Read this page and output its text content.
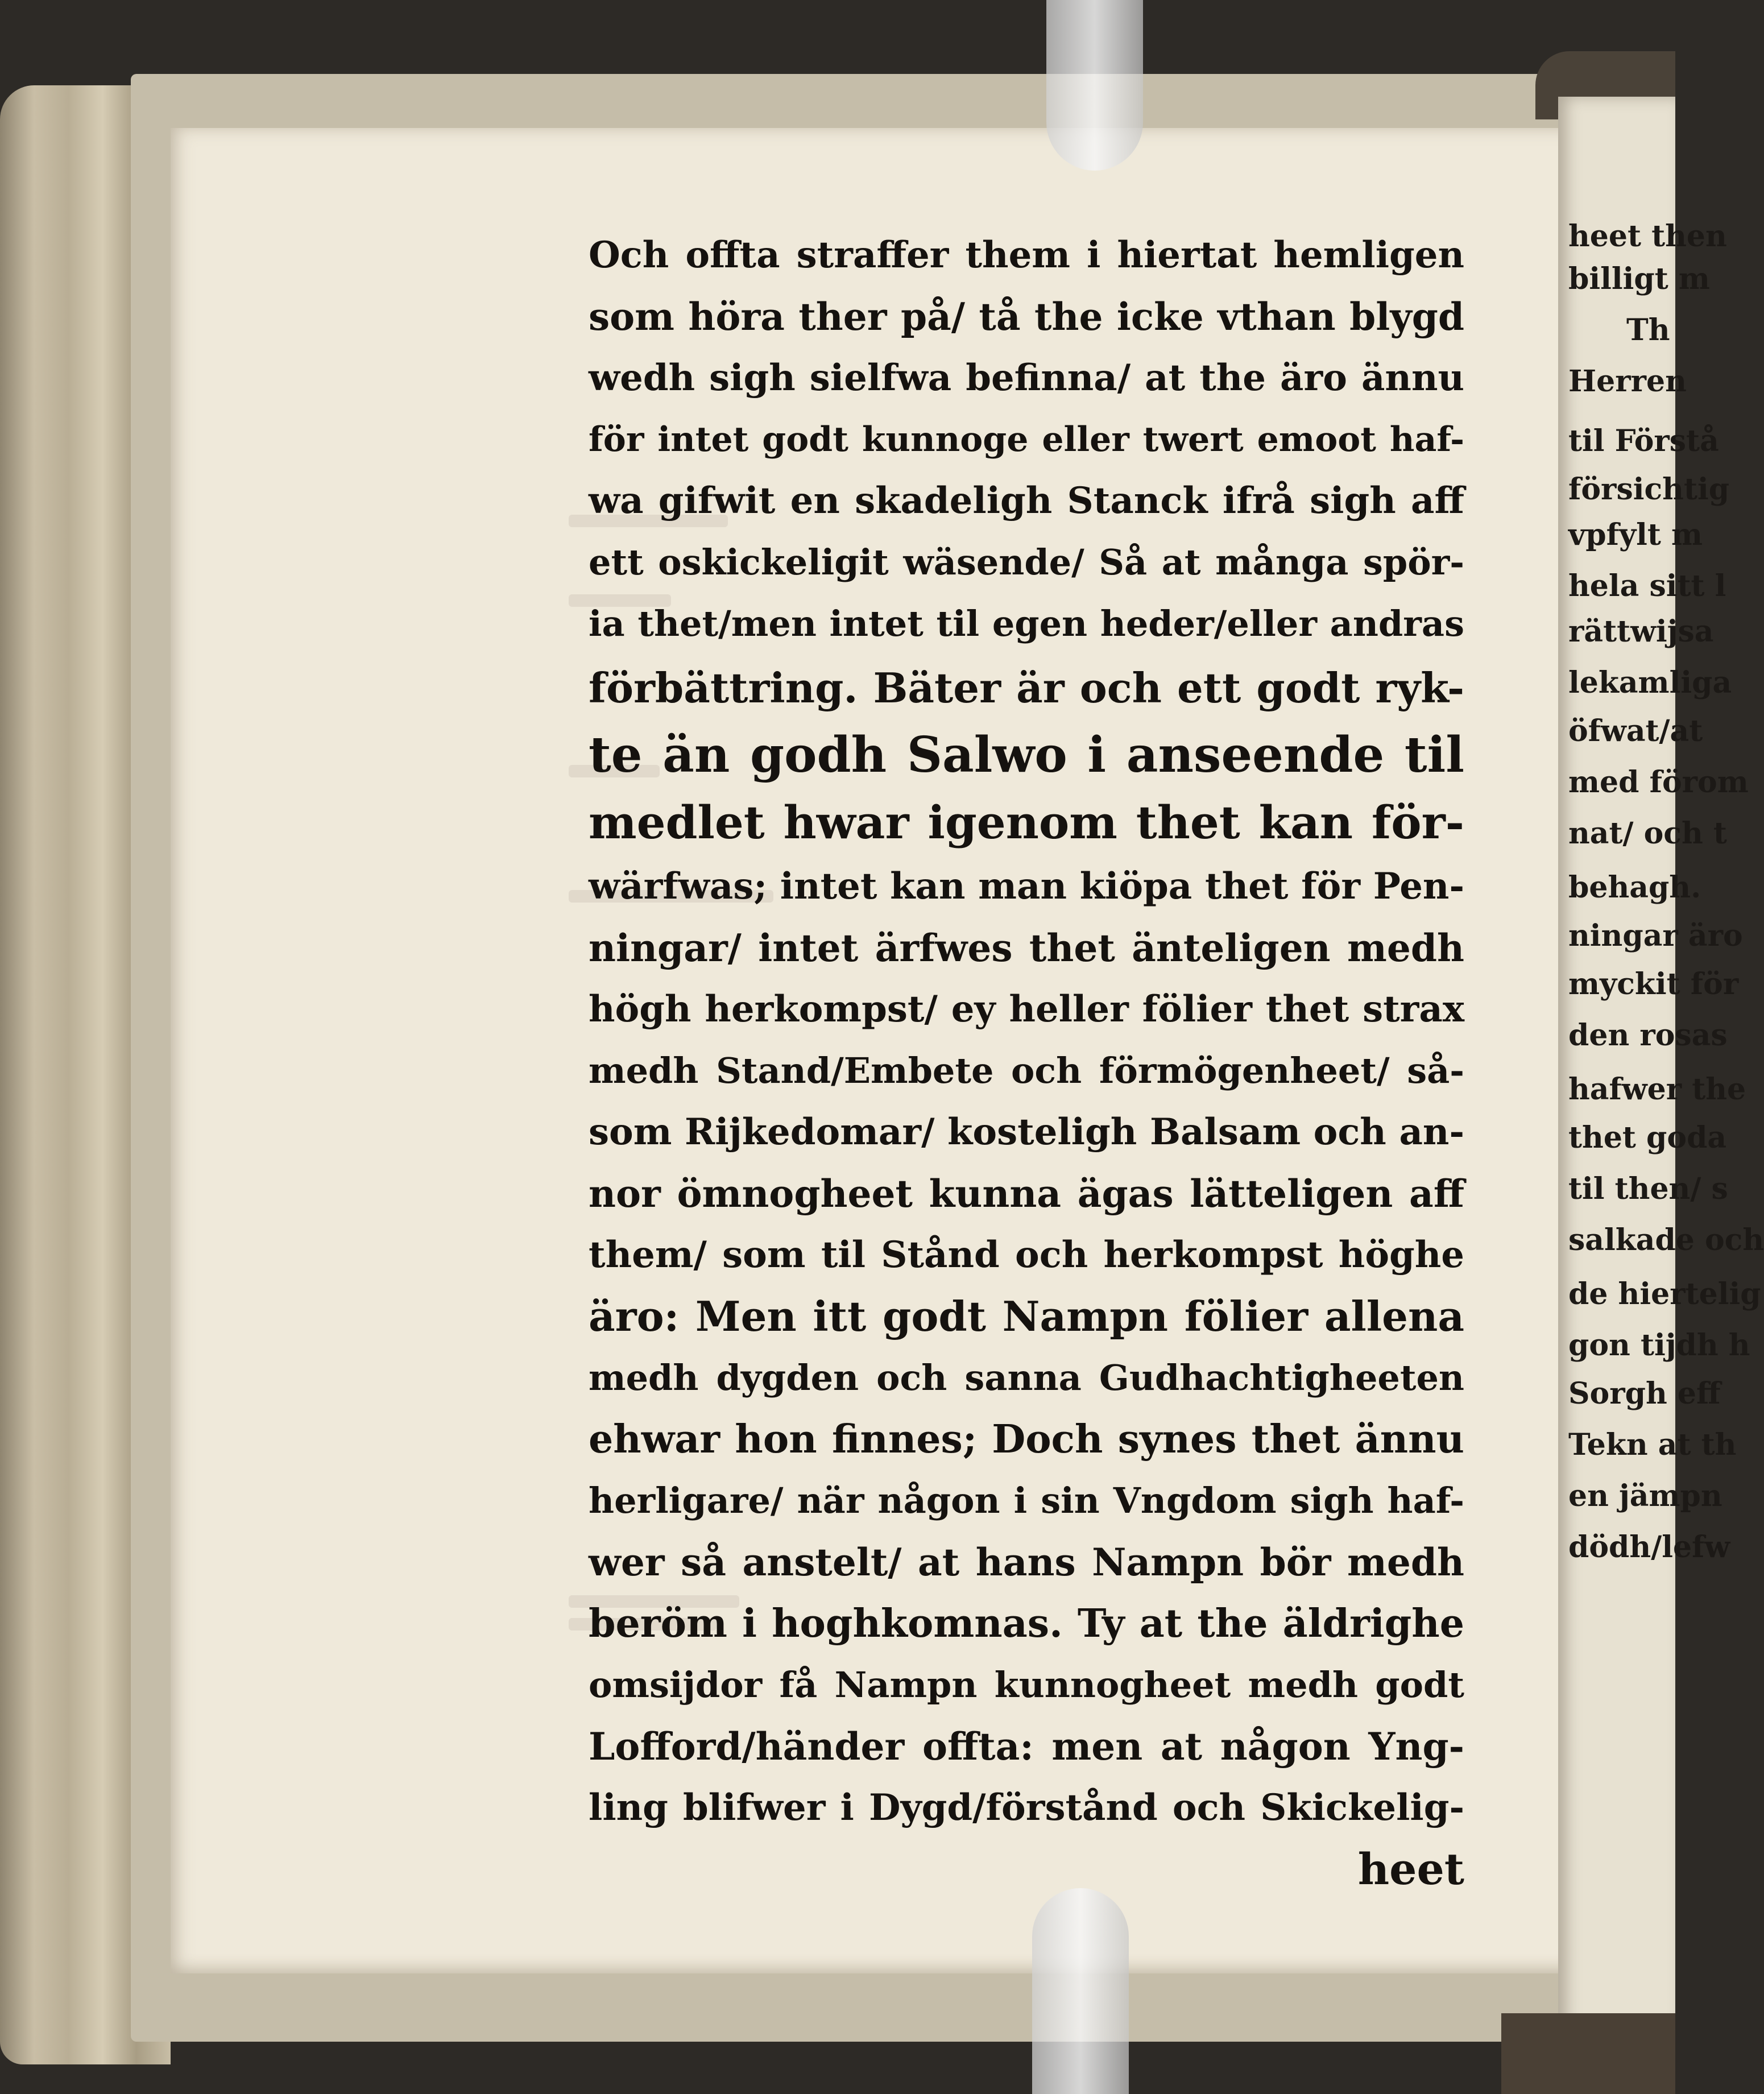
heet then
billigt m
Th
Herren
til Förstå
försichtig
vpfylt m
hela sitt l
rättwijsa
lekamliga
öfwat/at
med förom
nat/ och t
behagh.
ningar äro
myckit för
den rosas
hafwer the
thet goda
til then/ s
salkade och
de hiertelig
gon tijdh h
Sorgh eff
Tekn at th
en jämpn
dödh/lefw
Och offta straffer them i hiertat hemligen
som höra ther på/ tå the icke vthan blygd
wedh sigh sielfwa befinna/ at the äro ännu
för intet godt kunnoge eller twert emoot haf-
wa gifwit en skadeligh Stanck ifrå sigh aff
ett oskickeligit wäsende/ Så at många spör-
ia thet/men intet til egen heder/eller andras
förbättring. Bäter är och ett godt ryk-
te än godh Salwo i anseende til
medlet hwar igenom thet kan för-
wärfwas; intet kan man kiöpa thet för Pen-
ningar/ intet ärfwes thet änteligen medh
högh herkompst/ ey heller fölier thet strax
medh Stand/Embete och förmögenheet/ så-
som Rijkedomar/ kosteligh Balsam och an-
nor ömnogheet kunna ägas lätteligen aff
them/ som til Stånd och herkompst höghe
äro: Men itt godt Nampn fölier allena
medh dygden och sanna Gudhachtigheeten
ehwar hon finnes; Doch synes thet ännu
herligare/ när någon i sin Vngdom sigh haf-
wer så anstelt/ at hans Nampn bör medh
beröm i hoghkomnas. Ty at the äldrighe
omsijdor få Nampn kunnogheet medh godt
Lofford/händer offta: men at någon Yng-
ling blifwer i Dygd/förstånd och Skickelig-
heet
